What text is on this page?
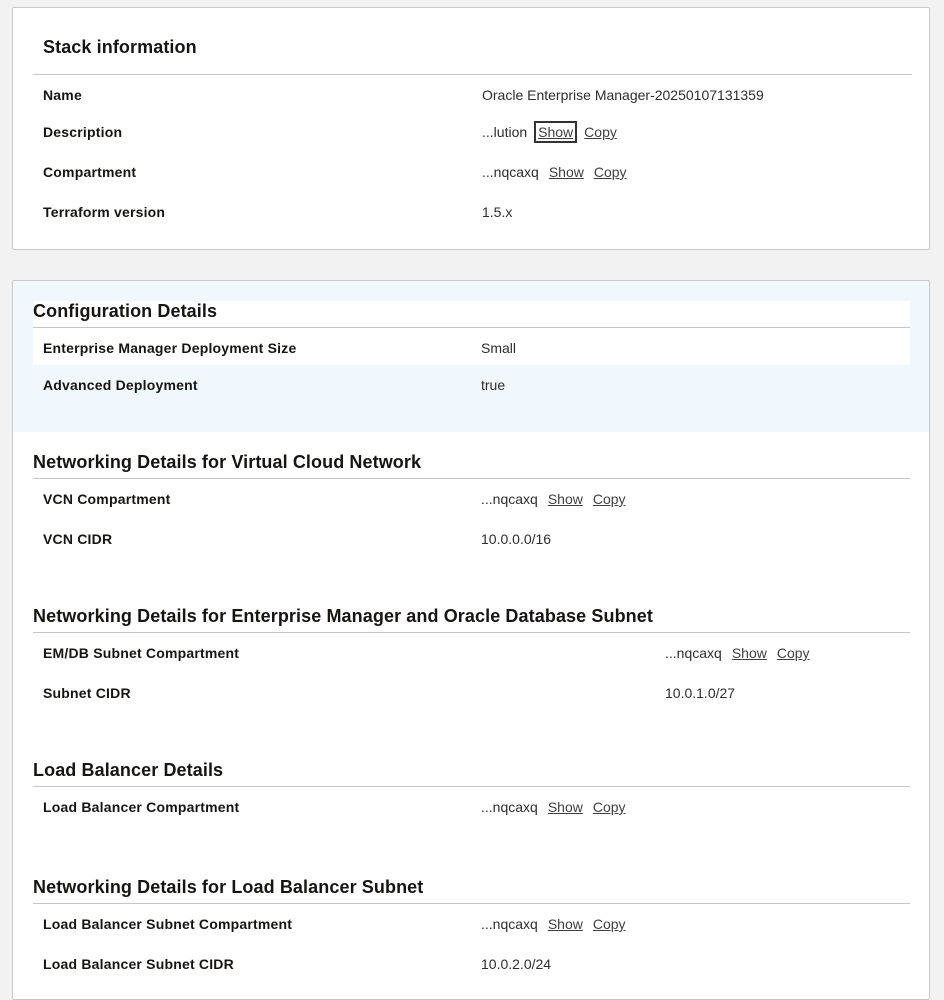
Stack information
Name	Oracle Enterprise Manager-20250107131359
Description	...lution Show Copy
Compartment	...nqcaxq Show Copy
Terraform version	1.5.x
Configuration Details
Enterprise Manager Deployment Size	Small
Advanced Deployment	true
Networking Details for Virtual Cloud Network
VCN Compartment	...nqcaxq Show Copy
VCN CIDR	10.0.0.0/16
Networking Details for Enterprise Manager and Oracle Database Subnet
EM/DB Subnet Compartment	...nqcaxq Show Copy
Subnet CIDR	10.0.1.0/27
Load Balancer Details
Load Balancer Compartment	...nqcaxq Show Copy
Networking Details for Load Balancer Subnet
Load Balancer Subnet Compartment	...nqcaxq Show Copy
Load Balancer Subnet CIDR	10.0.2.0/24
